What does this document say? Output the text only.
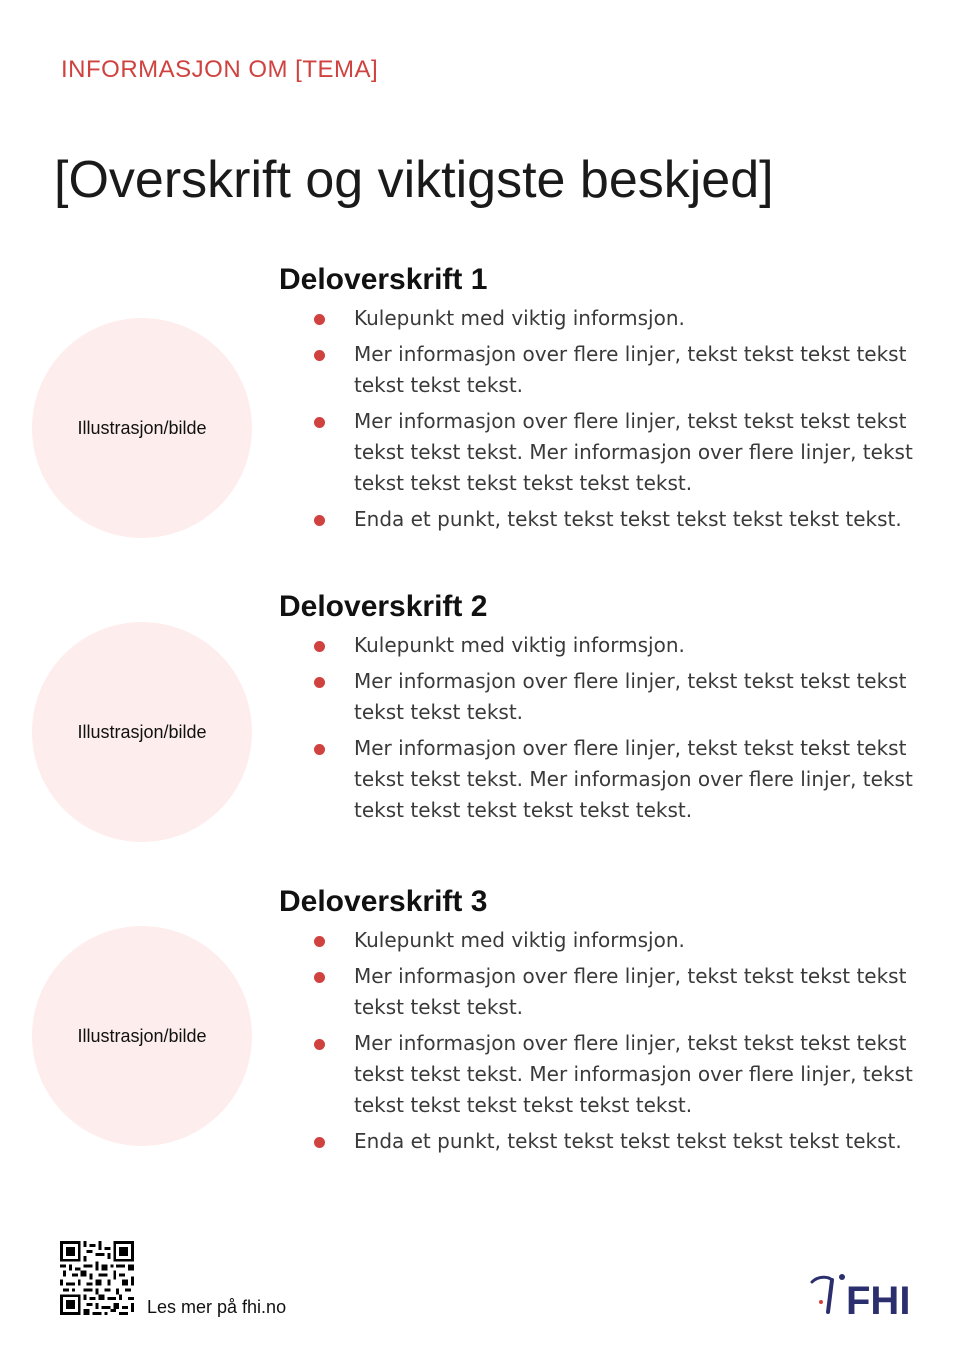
INFORMASJON OM [TEMA]
[Overskrift og viktigste beskjed]
Illustrasjon/bilde
Deloverskrift 1
Kulepunkt med viktig informsjon.
Mer informasjon over flere linjer, tekst tekst tekst tekst tekst tekst tekst.
Mer informasjon over flere linjer, tekst tekst tekst tekst tekst tekst tekst. Mer informasjon over flere linjer, tekst tekst tekst tekst tekst tekst tekst.
Enda et punkt, tekst tekst tekst tekst tekst tekst tekst.
Illustrasjon/bilde
Deloverskrift 2
Kulepunkt med viktig informsjon.
Mer informasjon over flere linjer, tekst tekst tekst tekst tekst tekst tekst.
Mer informasjon over flere linjer, tekst tekst tekst tekst tekst tekst tekst. Mer informasjon over flere linjer, tekst tekst tekst tekst tekst tekst tekst.
Illustrasjon/bilde
Deloverskrift 3
Kulepunkt med viktig informsjon.
Mer informasjon over flere linjer, tekst tekst tekst tekst tekst tekst tekst.
Mer informasjon over flere linjer, tekst tekst tekst tekst tekst tekst tekst. Mer informasjon over flere linjer, tekst tekst tekst tekst tekst tekst tekst.
Enda et punkt, tekst tekst tekst tekst tekst tekst tekst.
Les mer på fhi.no	FHI
